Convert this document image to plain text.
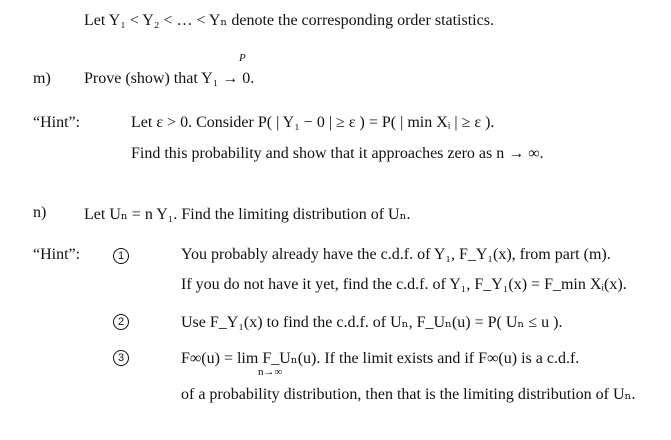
Let Y₁ < Y₂ < … < Yₙ denote the corresponding order statistics.
m)
P
Prove (show) that Y₁ → 0.
“Hint”:	Let ε > 0. Consider P( | Y₁ − 0 | ≥ ε ) = P( | min Xᵢ | ≥ ε ).
Find this probability and show that it approaches zero as n → ∞.
n) Let Uₙ = n Y₁. Find the limiting distribution of Uₙ.
“Hint”:	1	You probably already have the c.d.f. of Y₁, F_Y₁(x), from part (m).
If you do not have it yet, find the c.d.f. of Y₁, F_Y₁(x) = F_min Xᵢ(x).
2	Use F_Y₁(x) to find the c.d.f. of Uₙ, F_Uₙ(u) = P( Uₙ ≤ u ).
3	F∞(u) = lim F_Uₙ(u). If the limit exists and if F∞(u) is a c.d.f.
n→∞
of a probability distribution, then that is the limiting distribution of Uₙ.
